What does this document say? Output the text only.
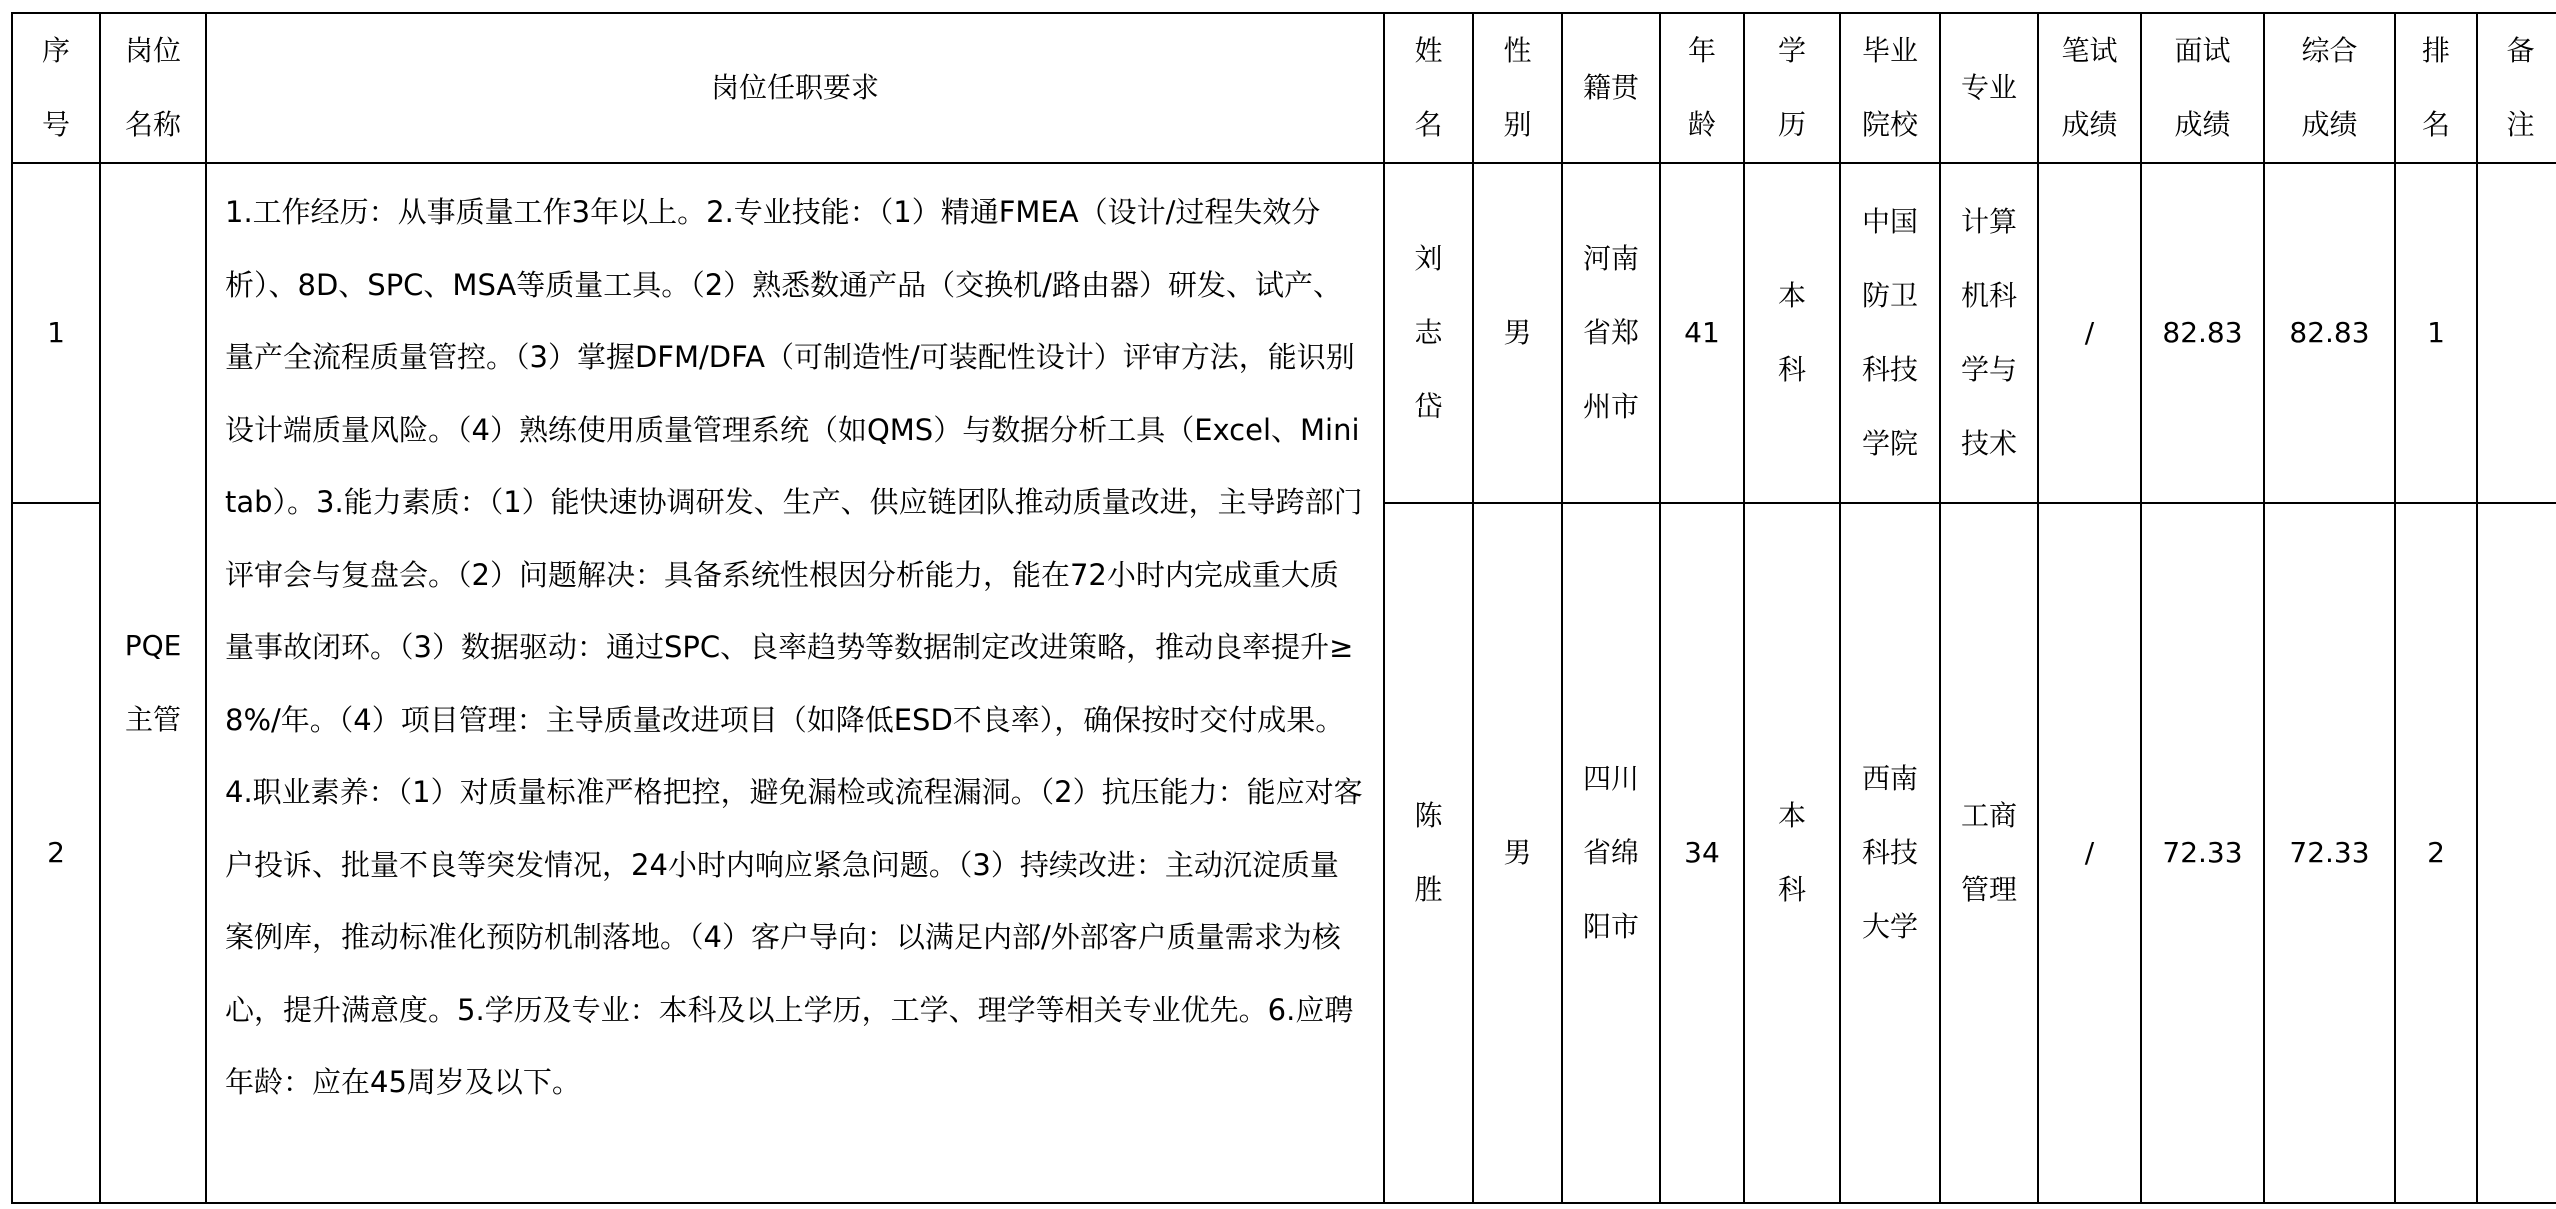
序号	岗位名称	岗位任职要求	姓名	性别	籍贯	年龄	学历	毕业院校	专业	笔试成绩	面试成绩	综合成绩	排名	备注
1	PQE主管	1.工作经历：从事质量工作3年以上。2.专业技能：（1）精通FMEA（设计/过程失效分析）、8D、SPC、MSA等质量工具。（2）熟悉数通产品（交换机/路由器）研发、试产、量产全流程质量管控。（3）掌握DFM/DFA（可制造性/可装配性设计）评审方法，能识别设计端质量风险。（4）熟练使用质量管理系统（如QMS）与数据分析工具（Excel、Minitab）。3.能力素质：（1）能快速协调研发、生产、供应链团队推动质量改进，主导跨部门评审会与复盘会。（2）问题解决：具备系统性根因分析能力，能在72小时内完成重大质量事故闭环。（3）数据驱动：通过SPC、良率趋势等数据制定改进策略，推动良率提升≥8%/年。（4）项目管理：主导质量改进项目（如降低ESD不良率），确保按时交付成果。4.职业素养：（1）对质量标准严格把控，避免漏检或流程漏洞。（2）抗压能力：能应对客户投诉、批量不良等突发情况，24小时内响应紧急问题。（3）持续改进：主动沉淀质量案例库，推动标准化预防机制落地。（4）客户导向：以满足内部/外部客户质量需求为核心，提升满意度。5.学历及专业：本科及以上学历，工学、理学等相关专业优先。6.应聘年龄：应在45周岁及以下。	刘志岱	男	河南省郑州市	41	本科	中国防卫科技学院	计算机科学与技术	/	82.83	82.83	1	
2			陈胜	男	四川省绵阳市	34	本科	西南科技大学	工商管理	/	72.33	72.33	2	
